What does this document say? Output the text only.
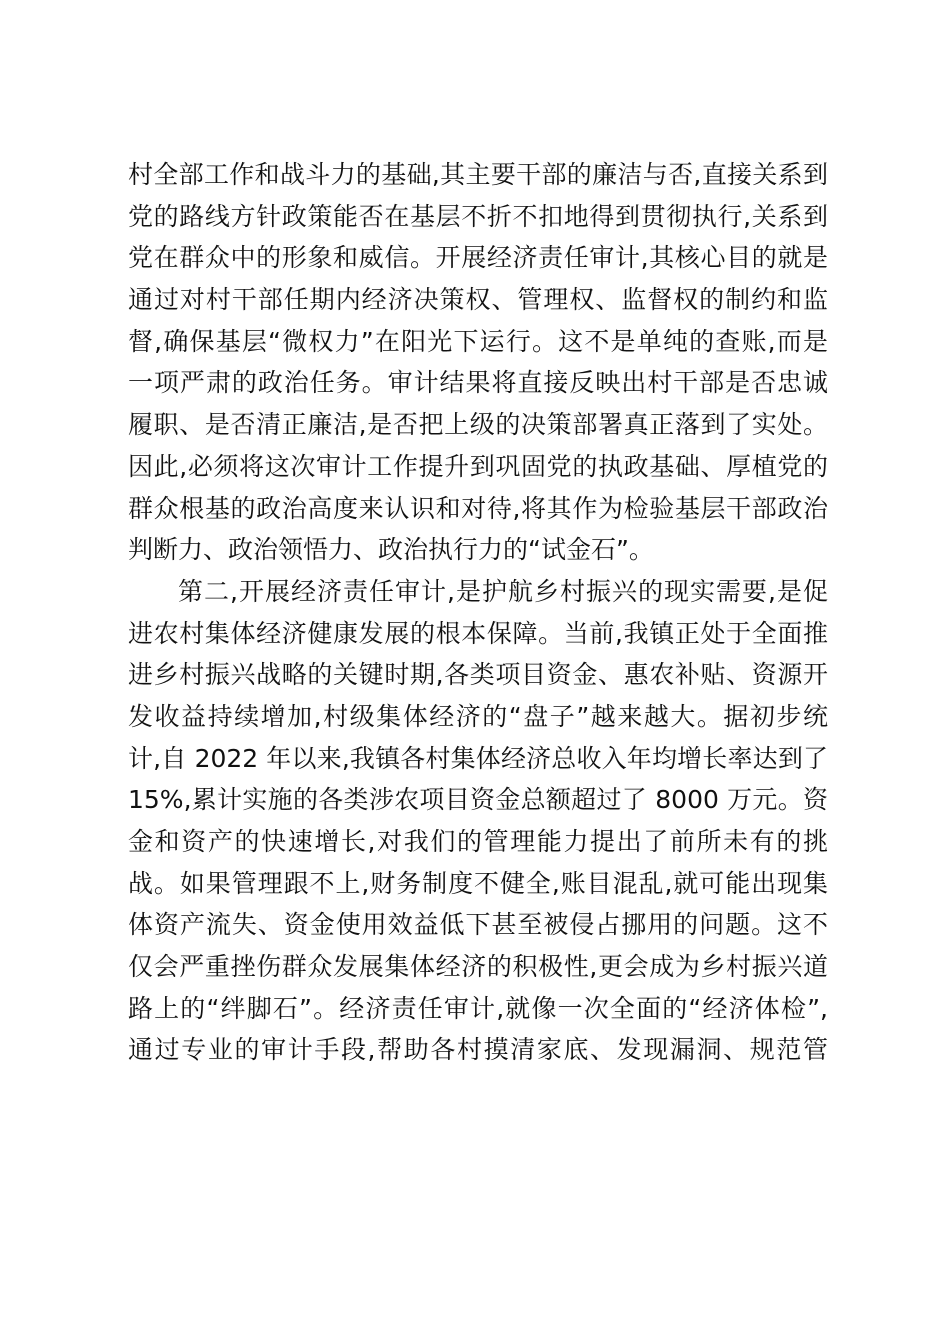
村全部工作和战斗力的基础,其主要干部的廉洁与否,直接关系到
党的路线方针政策能否在基层不折不扣地得到贯彻执行,关系到
党在群众中的形象和威信。开展经济责任审计,其核心目的就是
通过对村干部任期内经济决策权、管理权、监督权的制约和监
督,确保基层“微权力”在阳光下运行。这不是单纯的查账,而是
一项严肃的政治任务。审计结果将直接反映出村干部是否忠诚
履职、是否清正廉洁,是否把上级的决策部署真正落到了实处。
因此,必须将这次审计工作提升到巩固党的执政基础、厚植党的
群众根基的政治高度来认识和对待,将其作为检验基层干部政治
判断力、政治领悟力、政治执行力的“试金石”。
第二,开展经济责任审计,是护航乡村振兴的现实需要,是促
进农村集体经济健康发展的根本保障。当前,我镇正处于全面推
进乡村振兴战略的关键时期,各类项目资金、惠农补贴、资源开
发收益持续增加,村级集体经济的“盘子”越来越大。据初步统
计,自 2022 年以来,我镇各村集体经济总收入年均增长率达到了
15%,累计实施的各类涉农项目资金总额超过了 8000 万元。资
金和资产的快速增长,对我们的管理能力提出了前所未有的挑
战。如果管理跟不上,财务制度不健全,账目混乱,就可能出现集
体资产流失、资金使用效益低下甚至被侵占挪用的问题。这不
仅会严重挫伤群众发展集体经济的积极性,更会成为乡村振兴道
路上的“绊脚石”。经济责任审计,就像一次全面的“经济体检”,
通过专业的审计手段,帮助各村摸清家底、发现漏洞、规范管
